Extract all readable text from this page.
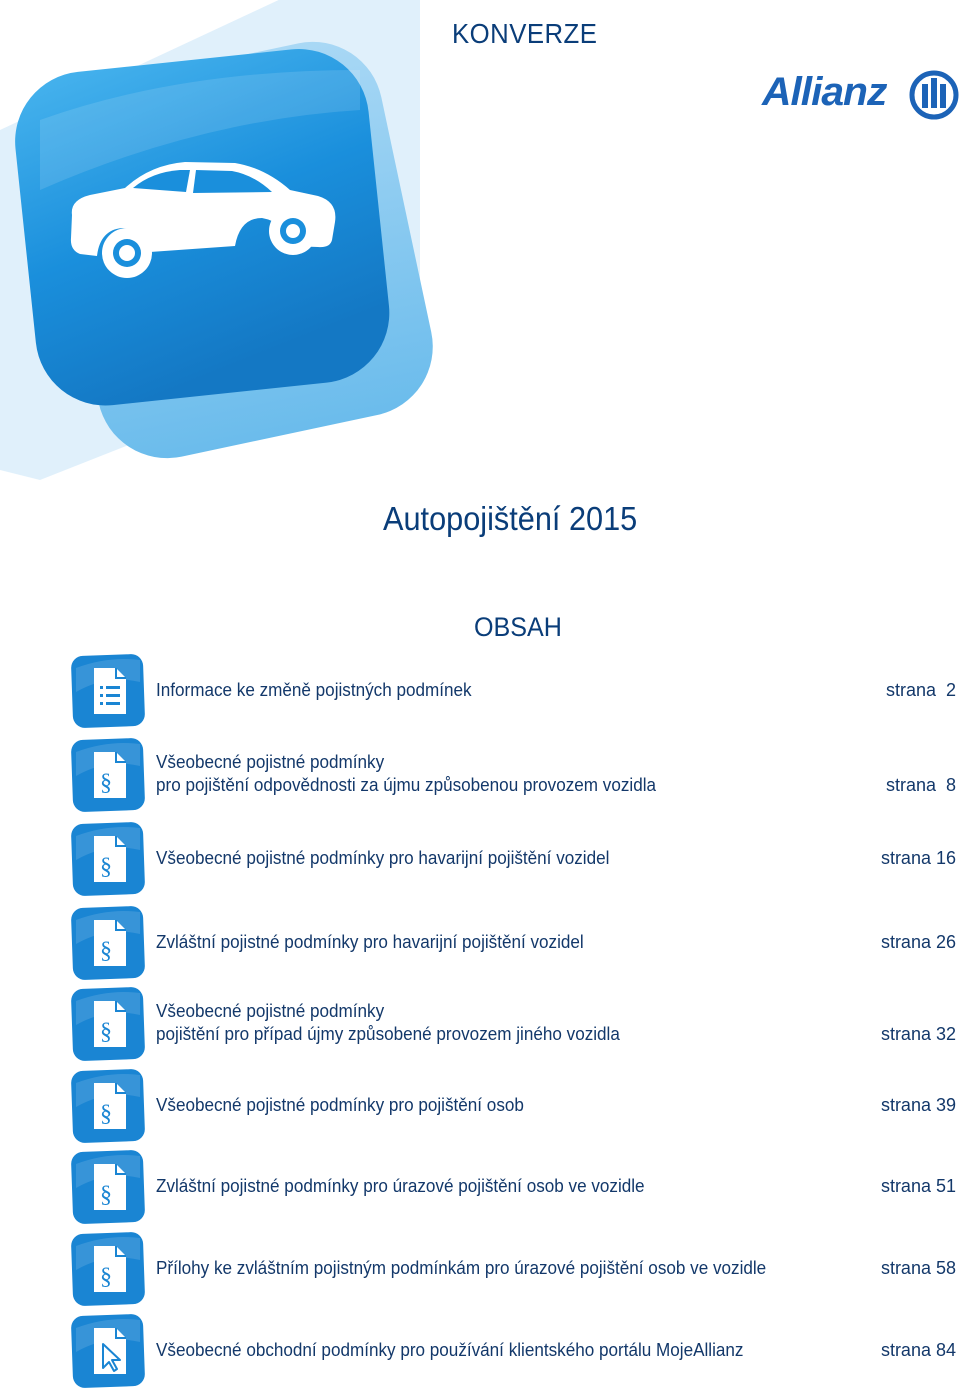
KONVERZE
Allianz
Autopojištění 2015
OBSAH
Informace ke změně pojistných podmínek	strana  2
§
Všeobecné pojistné podmínky
pro pojištění odpovědnosti za újmu způsobenou provozem vozidla	strana  8
§ Všeobecné pojistné podmínky pro havarijní pojištění vozidel	strana 16
§ Zvláštní pojistné podmínky pro havarijní pojištění vozidel	strana 26
§
Všeobecné pojistné podmínky
pojištění pro případ újmy způsobené provozem jiného vozidla	strana 32
§ Všeobecné pojistné podmínky pro pojištění osob	strana 39
§ Zvláštní pojistné podmínky pro úrazové pojištění osob ve vozidle	strana 51
§ Přílohy ke zvláštním pojistným podmínkám pro úrazové pojištění osob ve vozidle	strana 58
Všeobecné obchodní podmínky pro používání klientského portálu MojeAllianz	strana 84
